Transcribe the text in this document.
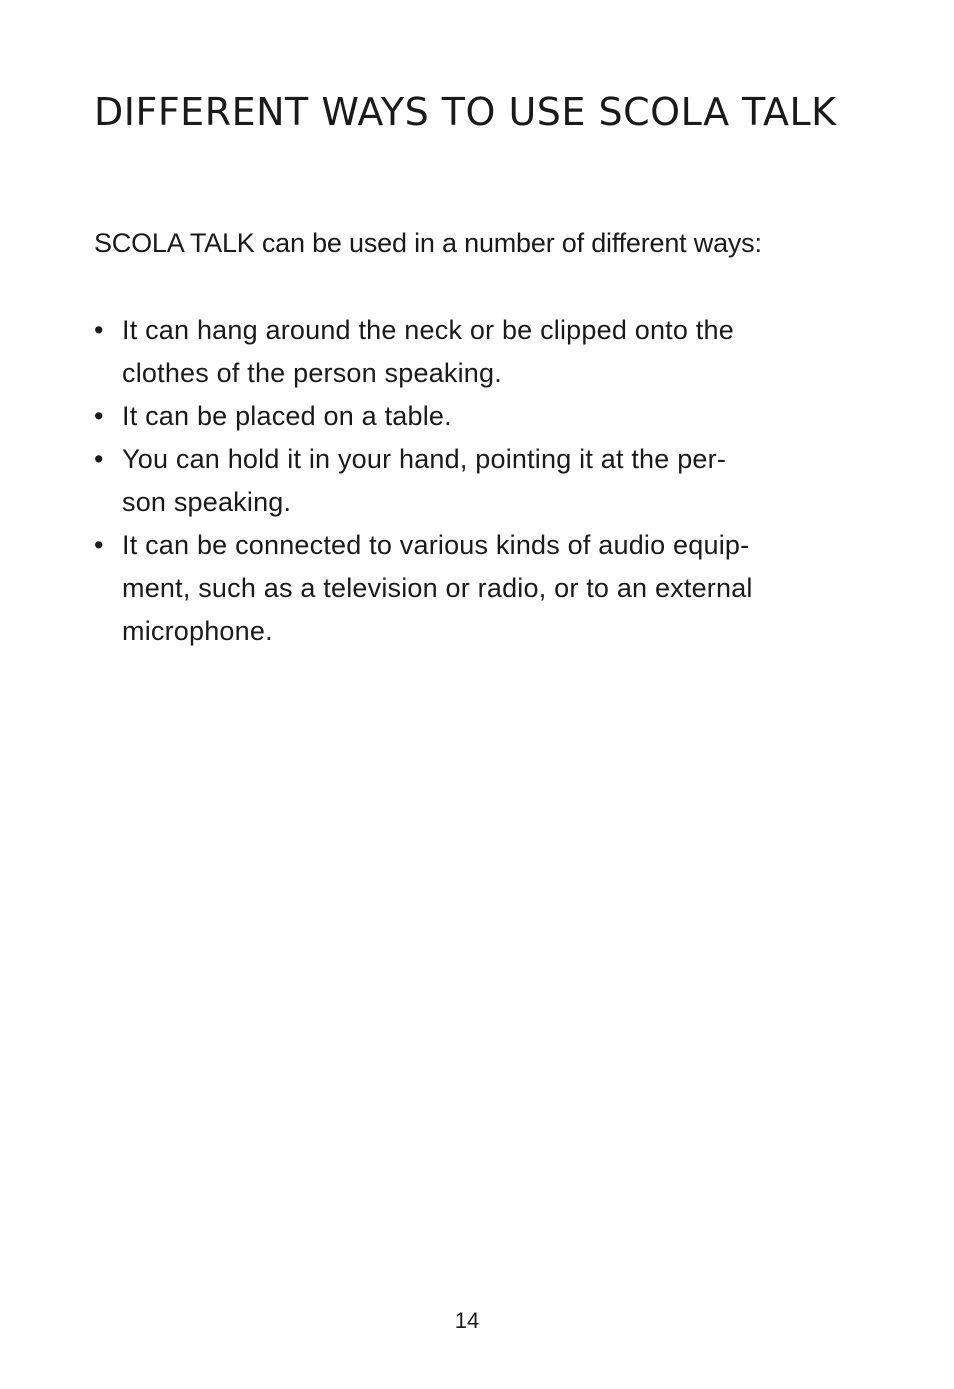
DIFFERENT WAYS TO USE SCOLA TALK

SCOLA TALK can be used in a number of different ways:

• It can hang around the neck or be clipped onto the
clothes of the person speaking.
• It can be placed on a table.
• You can hold it in your hand, pointing it at the per-
son speaking.
• It can be connected to various kinds of audio equip-
ment, such as a television or radio, or to an external
microphone.
14
